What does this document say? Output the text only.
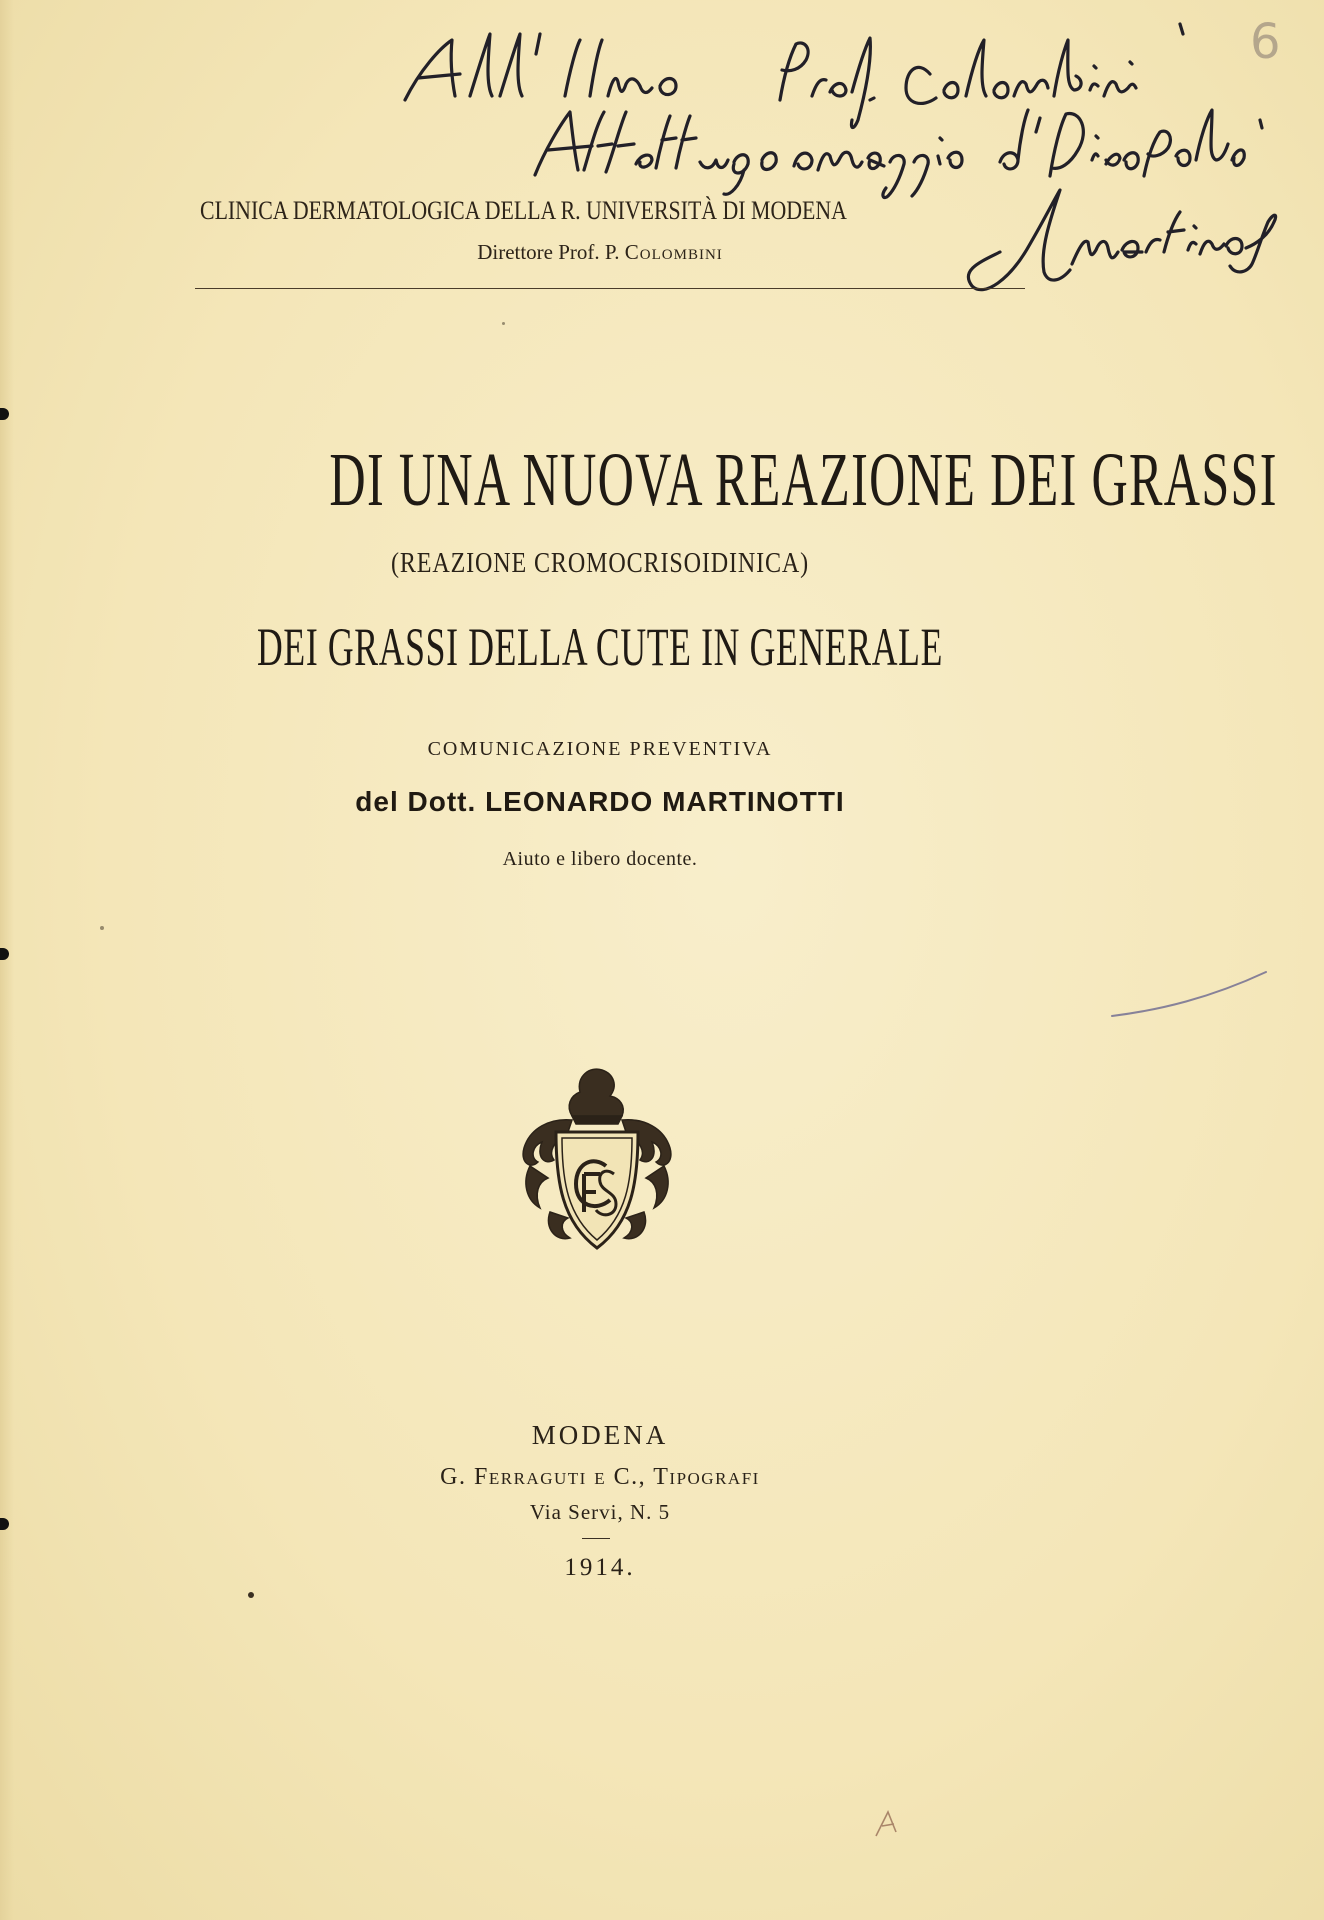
6
CLINICA DERMATOLOGICA DELLA R. UNIVERSITÀ DI MODENA
Direttore Prof. P. Colombini
DI UNA NUOVA REAZIONE DEI GRASSI
(REAZIONE CROMOCRISOIDINICA)
DEI GRASSI DELLA CUTE IN GENERALE
COMUNICAZIONE PREVENTIVA
del Dott. LEONARDO MARTINOTTI
Aiuto e libero docente.
MODENA
G. Ferraguti e C., Tipografi
Via Servi, N. 5
1914.
